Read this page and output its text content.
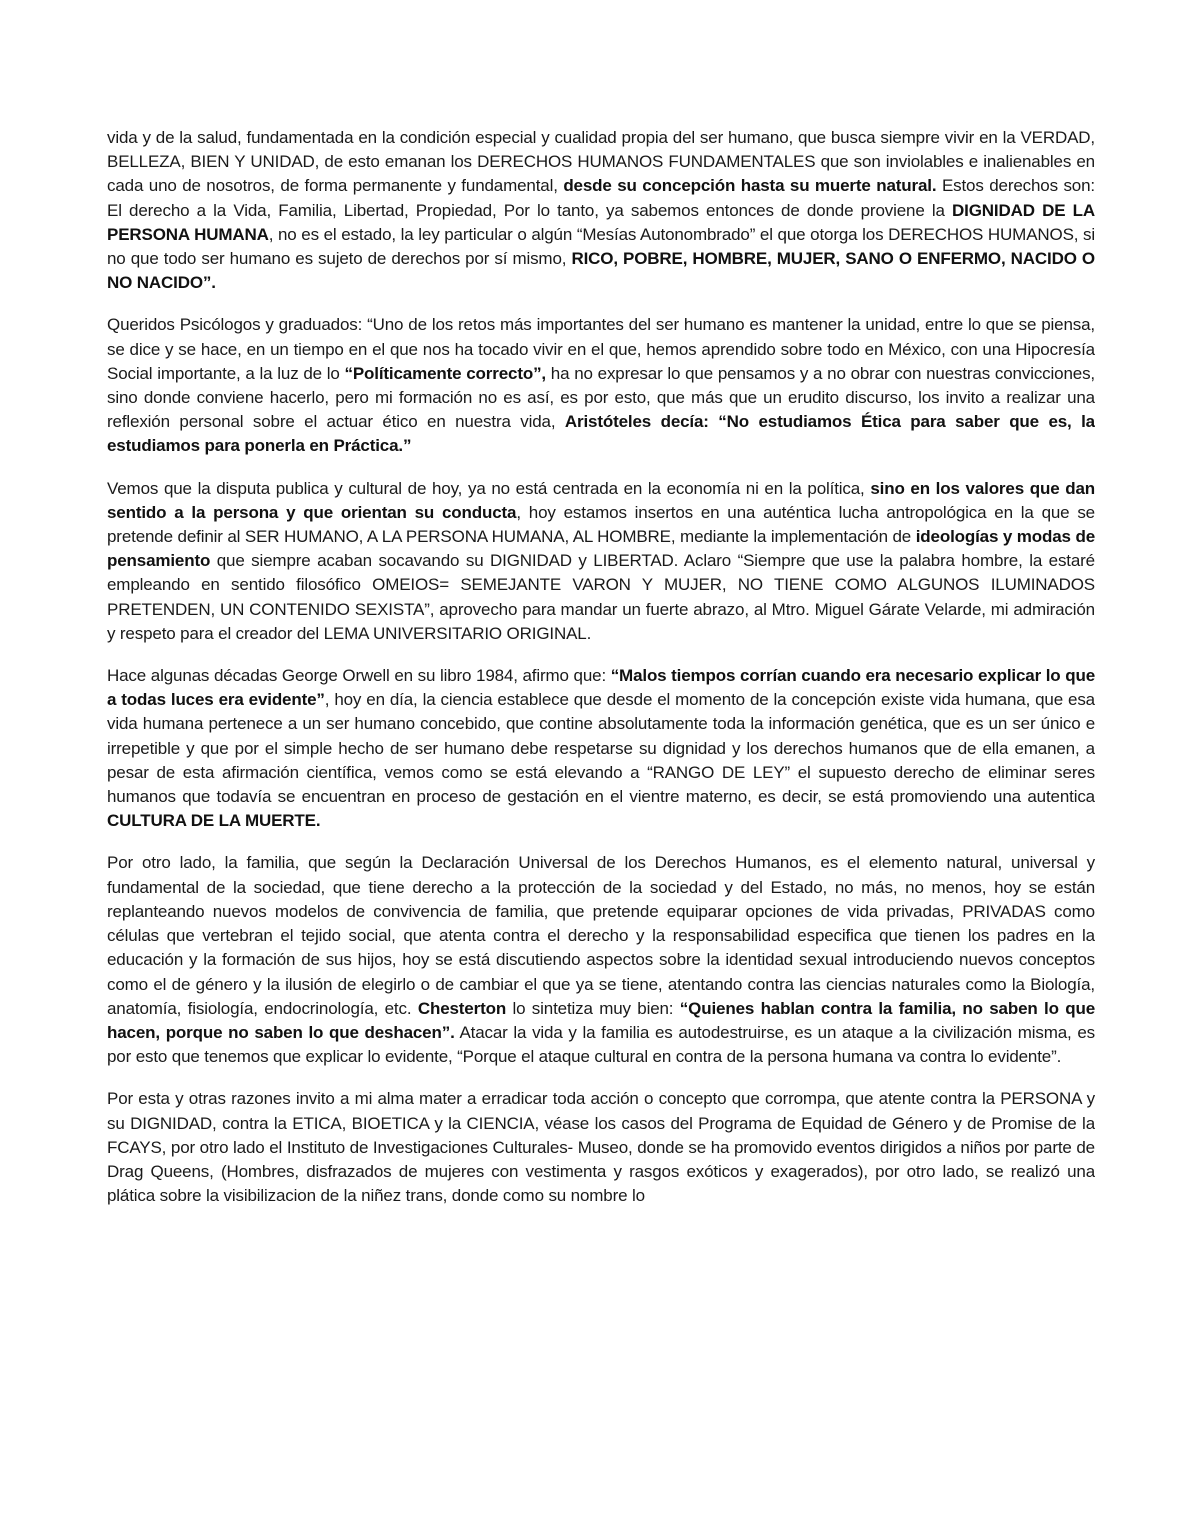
vida y de la salud, fundamentada en la condición especial y cualidad propia del ser humano, que busca siempre vivir en la VERDAD, BELLEZA, BIEN Y UNIDAD, de esto emanan los DERECHOS HUMANOS FUNDAMENTALES que son inviolables e inalienables en cada uno de nosotros, de forma permanente y fundamental, desde su concepción hasta su muerte natural. Estos derechos son: El derecho a la Vida, Familia, Libertad, Propiedad, Por lo tanto, ya sabemos entonces de donde proviene la DIGNIDAD DE LA PERSONA HUMANA, no es el estado, la ley particular o algún “Mesías Autonombrado” el que otorga los DERECHOS HUMANOS, si no que todo ser humano es sujeto de derechos por sí mismo, RICO, POBRE, HOMBRE, MUJER, SANO O ENFERMO, NACIDO O NO NACIDO”.

Queridos Psicólogos y graduados: “Uno de los retos más importantes del ser humano es mantener la unidad, entre lo que se piensa, se dice y se hace, en un tiempo en el que nos ha tocado vivir en el que, hemos aprendido sobre todo en México, con una Hipocresía Social importante, a la luz de lo “Políticamente correcto”, ha no expresar lo que pensamos y a no obrar con nuestras convicciones, sino donde conviene hacerlo, pero mi formación no es así, es por esto, que más que un erudito discurso, los invito a realizar una reflexión personal sobre el actuar ético en nuestra vida, Aristóteles decía: “No estudiamos Ética para saber que es, la estudiamos para ponerla en Práctica.”

Vemos que la disputa publica y cultural de hoy, ya no está centrada en la economía ni en la política, sino en los valores que dan sentido a la persona y que orientan su conducta, hoy estamos insertos en una auténtica lucha antropológica en la que se pretende definir al SER HUMANO, A LA PERSONA HUMANA, AL HOMBRE, mediante la implementación de ideologías y modas de pensamiento que siempre acaban socavando su DIGNIDAD y LIBERTAD. Aclaro “Siempre que use la palabra hombre, la estaré empleando en sentido filosófico OMEIOS= SEMEJANTE VARON Y MUJER, NO TIENE COMO ALGUNOS ILUMINADOS PRETENDEN, UN CONTENIDO SEXISTA”, aprovecho para mandar un fuerte abrazo, al Mtro. Miguel Gárate Velarde, mi admiración y respeto para el creador del LEMA UNIVERSITARIO ORIGINAL.

Hace algunas décadas George Orwell en su libro 1984, afirmo que: “Malos tiempos corrían cuando era necesario explicar lo que a todas luces era evidente”, hoy en día, la ciencia establece que desde el momento de la concepción existe vida humana, que esa vida humana pertenece a un ser humano concebido, que contine absolutamente toda la información genética, que es un ser único e irrepetible y que por el simple hecho de ser humano debe respetarse su dignidad y los derechos humanos que de ella emanen, a pesar de esta afirmación científica, vemos como se está elevando a “RANGO DE LEY” el supuesto derecho de eliminar seres humanos que todavía se encuentran en proceso de gestación en el vientre materno, es decir, se está promoviendo una autentica CULTURA DE LA MUERTE.

Por otro lado, la familia, que según la Declaración Universal de los Derechos Humanos, es el elemento natural, universal y fundamental de la sociedad, que tiene derecho a la protección de la sociedad y del Estado, no más, no menos, hoy se están replanteando nuevos modelos de convivencia de familia, que pretende equiparar opciones de vida privadas, PRIVADAS como células que vertebran el tejido social, que atenta contra el derecho y la responsabilidad especifica que tienen los padres en la educación y la formación de sus hijos, hoy se está discutiendo aspectos sobre la identidad sexual introduciendo nuevos conceptos como el de género y la ilusión de elegirlo o de cambiar el que ya se tiene, atentando contra las ciencias naturales como la Biología, anatomía, fisiología, endocrinología, etc. Chesterton lo sintetiza muy bien: “Quienes hablan contra la familia, no saben lo que hacen, porque no saben lo que deshacen”. Atacar la vida y la familia es autodestruirse, es un ataque a la civilización misma, es por esto que tenemos que explicar lo evidente, “Porque el ataque cultural en contra de la persona humana va contra lo evidente”.

Por esta y otras razones invito a mi alma mater a erradicar toda acción o concepto que corrompa, que atente contra la PERSONA y su DIGNIDAD, contra la ETICA, BIOETICA y la CIENCIA, véase los casos del Programa de Equidad de Género y de Promise de la FCAYS, por otro lado el Instituto de Investigaciones Culturales- Museo, donde se ha promovido eventos dirigidos a niños por parte de Drag Queens, (Hombres, disfrazados de mujeres con vestimenta y rasgos exóticos y exagerados), por otro lado, se realizó una plática sobre la visibilizacion de la niñez trans, donde como su nombre lo
